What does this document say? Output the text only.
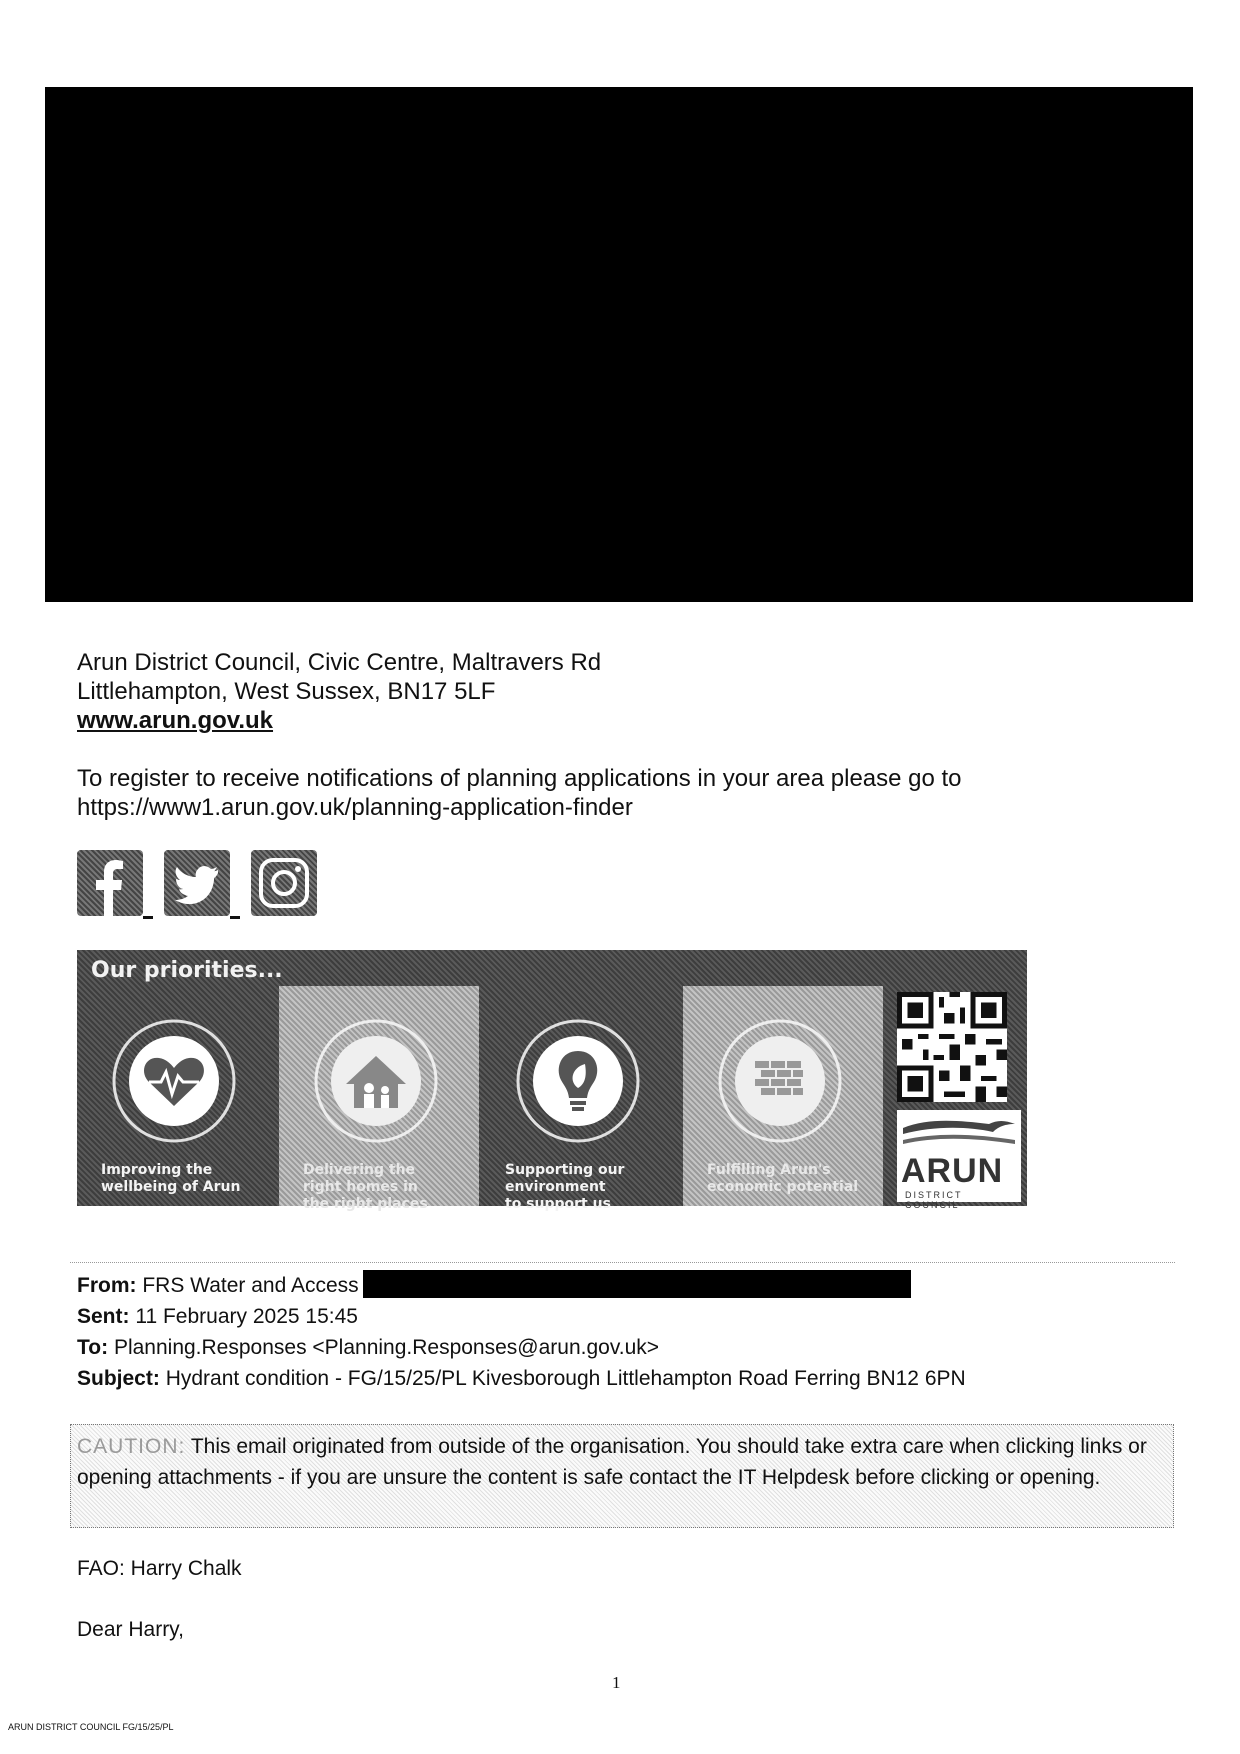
Arun District Council, Civic Centre, Maltravers Rd
Littlehampton, West Sussex, BN17 5LF
www.arun.gov.uk
To register to receive notifications of planning applications in your area please go to
https://www1.arun.gov.uk/planning-application-finder
Our priorities...
Improving the
wellbeing of Arun
Delivering the
right homes in
the right places
Supporting our
environment
to support us
Fulfilling Arun's
economic potential ARUN
DISTRICT COUNCIL
From: FRS Water and Access
Sent: 11 February 2025 15:45
To: Planning.Responses <Planning.Responses@arun.gov.uk>
Subject: Hydrant condition - FG/15/25/PL Kivesborough Littlehampton Road Ferring BN12 6PN
CAUTION: This email originated from outside of the organisation. You should take extra care when clicking links or opening attachments - if you are unsure the content is safe contact the IT Helpdesk before clicking or opening.
FAO: Harry Chalk
Dear Harry,
1
ARUN DISTRICT COUNCIL FG/15/25/PL
